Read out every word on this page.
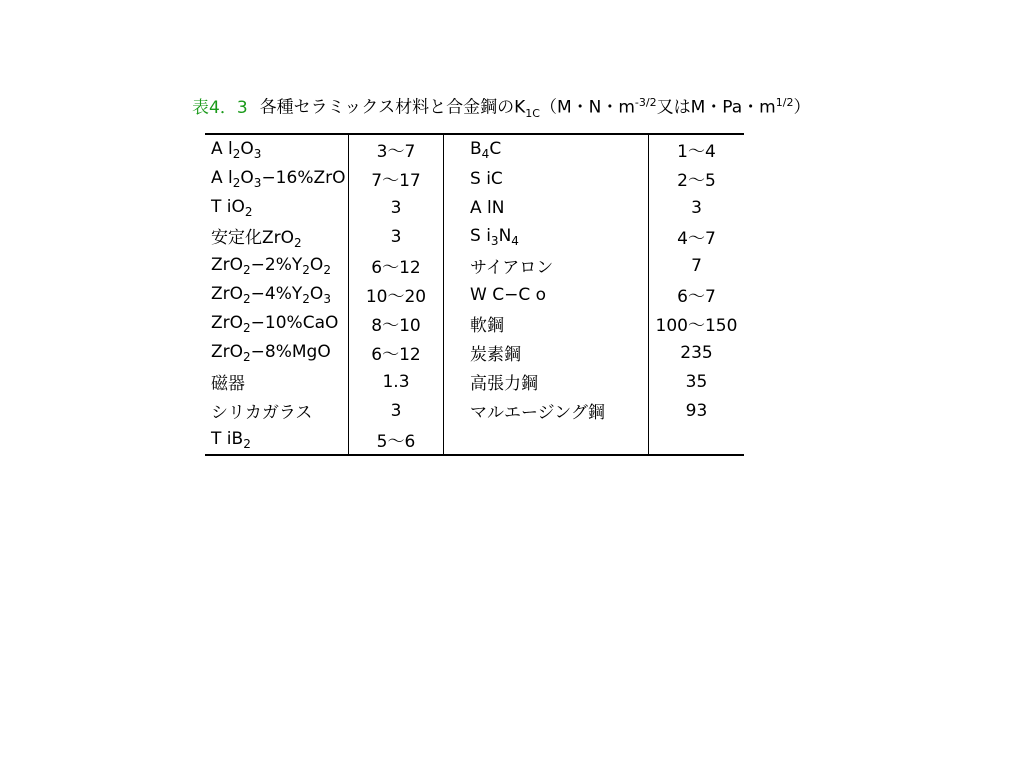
表4．3 各種セラミックス材料と合金鋼の$K_{1C}(M$・N・$m^{-3/2}$又はM・Pa・$m^{1/2}$）
A $l_2O_3$	3〜7	$B_4C$	1〜4
A $l_2O_3-16\%ZrO$	7〜17	S iC	2〜5
T $iO_2$	3	A lN	3
安定化ZrO$_2$	3	S $i_3N_4$	4〜7
$ZrO_2-2\%Y_2O_2$	6〜12	サイアロン	7
$ZrO_2-4\%Y_2O_3$	10〜20	W C−C o	6〜7
ZrO$_2$−10%CaO	8〜10	軟鋼	100〜150
ZrO$_2$−8%MgO	6〜12	炭素鋼	235
磁器	1.3	高張力鋼	35
シリカガラス	3	マルエージング鋼	93
T $iB_2$	5〜6		
